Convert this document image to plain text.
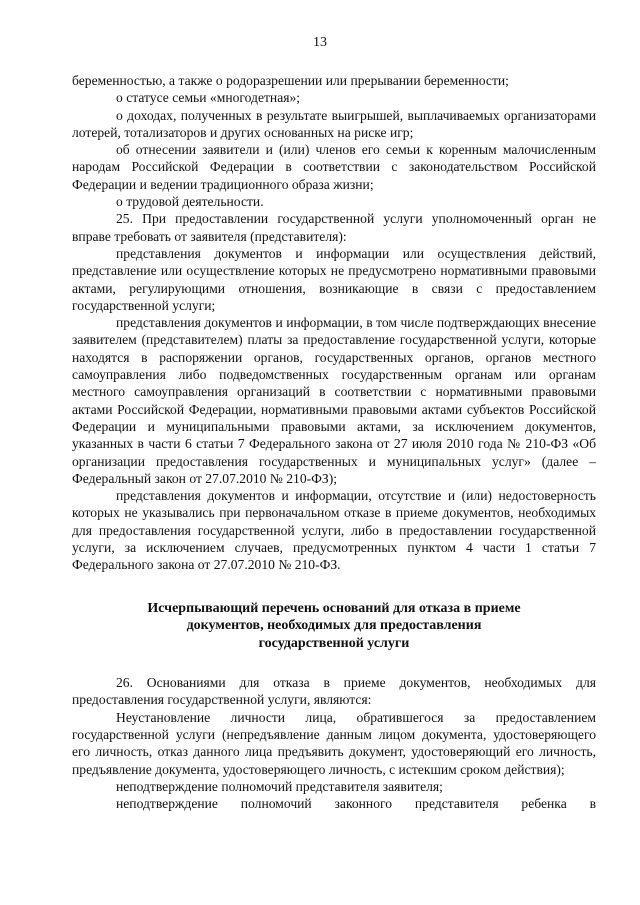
13

беременностью, а также о родоразрешении или прерывании беременности;

о статусе семьи «многодетная»;

о доходах, полученных в результате выигрышей, выплачиваемых организаторами лотерей, тотализаторов и других основанных на риске игр;

об отнесении заявители и (или) членов его семьи к коренным малочисленным народам Российской Федерации в соответствии с законодательством Российской Федерации и ведении традиционного образа жизни;

о трудовой деятельности.

25. При предоставлении государственной услуги уполномоченный орган не вправе требовать от заявителя (представителя):

представления документов и информации или осуществления действий, представление или осуществление которых не предусмотрено нормативными правовыми актами, регулирующими отношения, возникающие в связи с предоставлением государственной услуги;

представления документов и информации, в том числе подтверждающих внесение заявителем (представителем) платы за предоставление государственной услуги, которые находятся в распоряжении органов, государственных органов, органов местного самоуправления либо подведомственных государственным органам или органам местного самоуправления организаций в соответствии с нормативными правовыми актами Российской Федерации, нормативными правовыми актами субъектов Российской Федерации и муниципальными правовыми актами, за исключением документов, указанных в части 6 статьи 7 Федерального закона от 27 июля 2010 года № 210-ФЗ «Об организации предоставления государственных и муниципальных услуг» (далее – Федеральный закон от 27.07.2010 № 210-ФЗ);

представления документов и информации, отсутствие и (или) недостоверность которых не указывались при первоначальном отказе в приеме документов, необходимых для предоставления государственной услуги, либо в предоставлении государственной услуги, за исключением случаев, предусмотренных пунктом 4 части 1 статьи 7 Федерального закона от 27.07.2010 № 210-ФЗ.

Исчерпывающий перечень оснований для отказа в приеме
документов, необходимых для предоставления
государственной услуги

26. Основаниями для отказа в приеме документов, необходимых для предоставления государственной услуги, являются:

Неустановление личности лица, обратившегося за предоставлением государственной услуги (непредъявление данным лицом документа, удостоверяющего его личность, отказ данного лица предъявить документ, удостоверяющий его личность, предъявление документа, удостоверяющего личность, с истекшим сроком действия);

неподтверждение полномочий представителя заявителя;

неподтверждение полномочий законного представителя ребенка в
